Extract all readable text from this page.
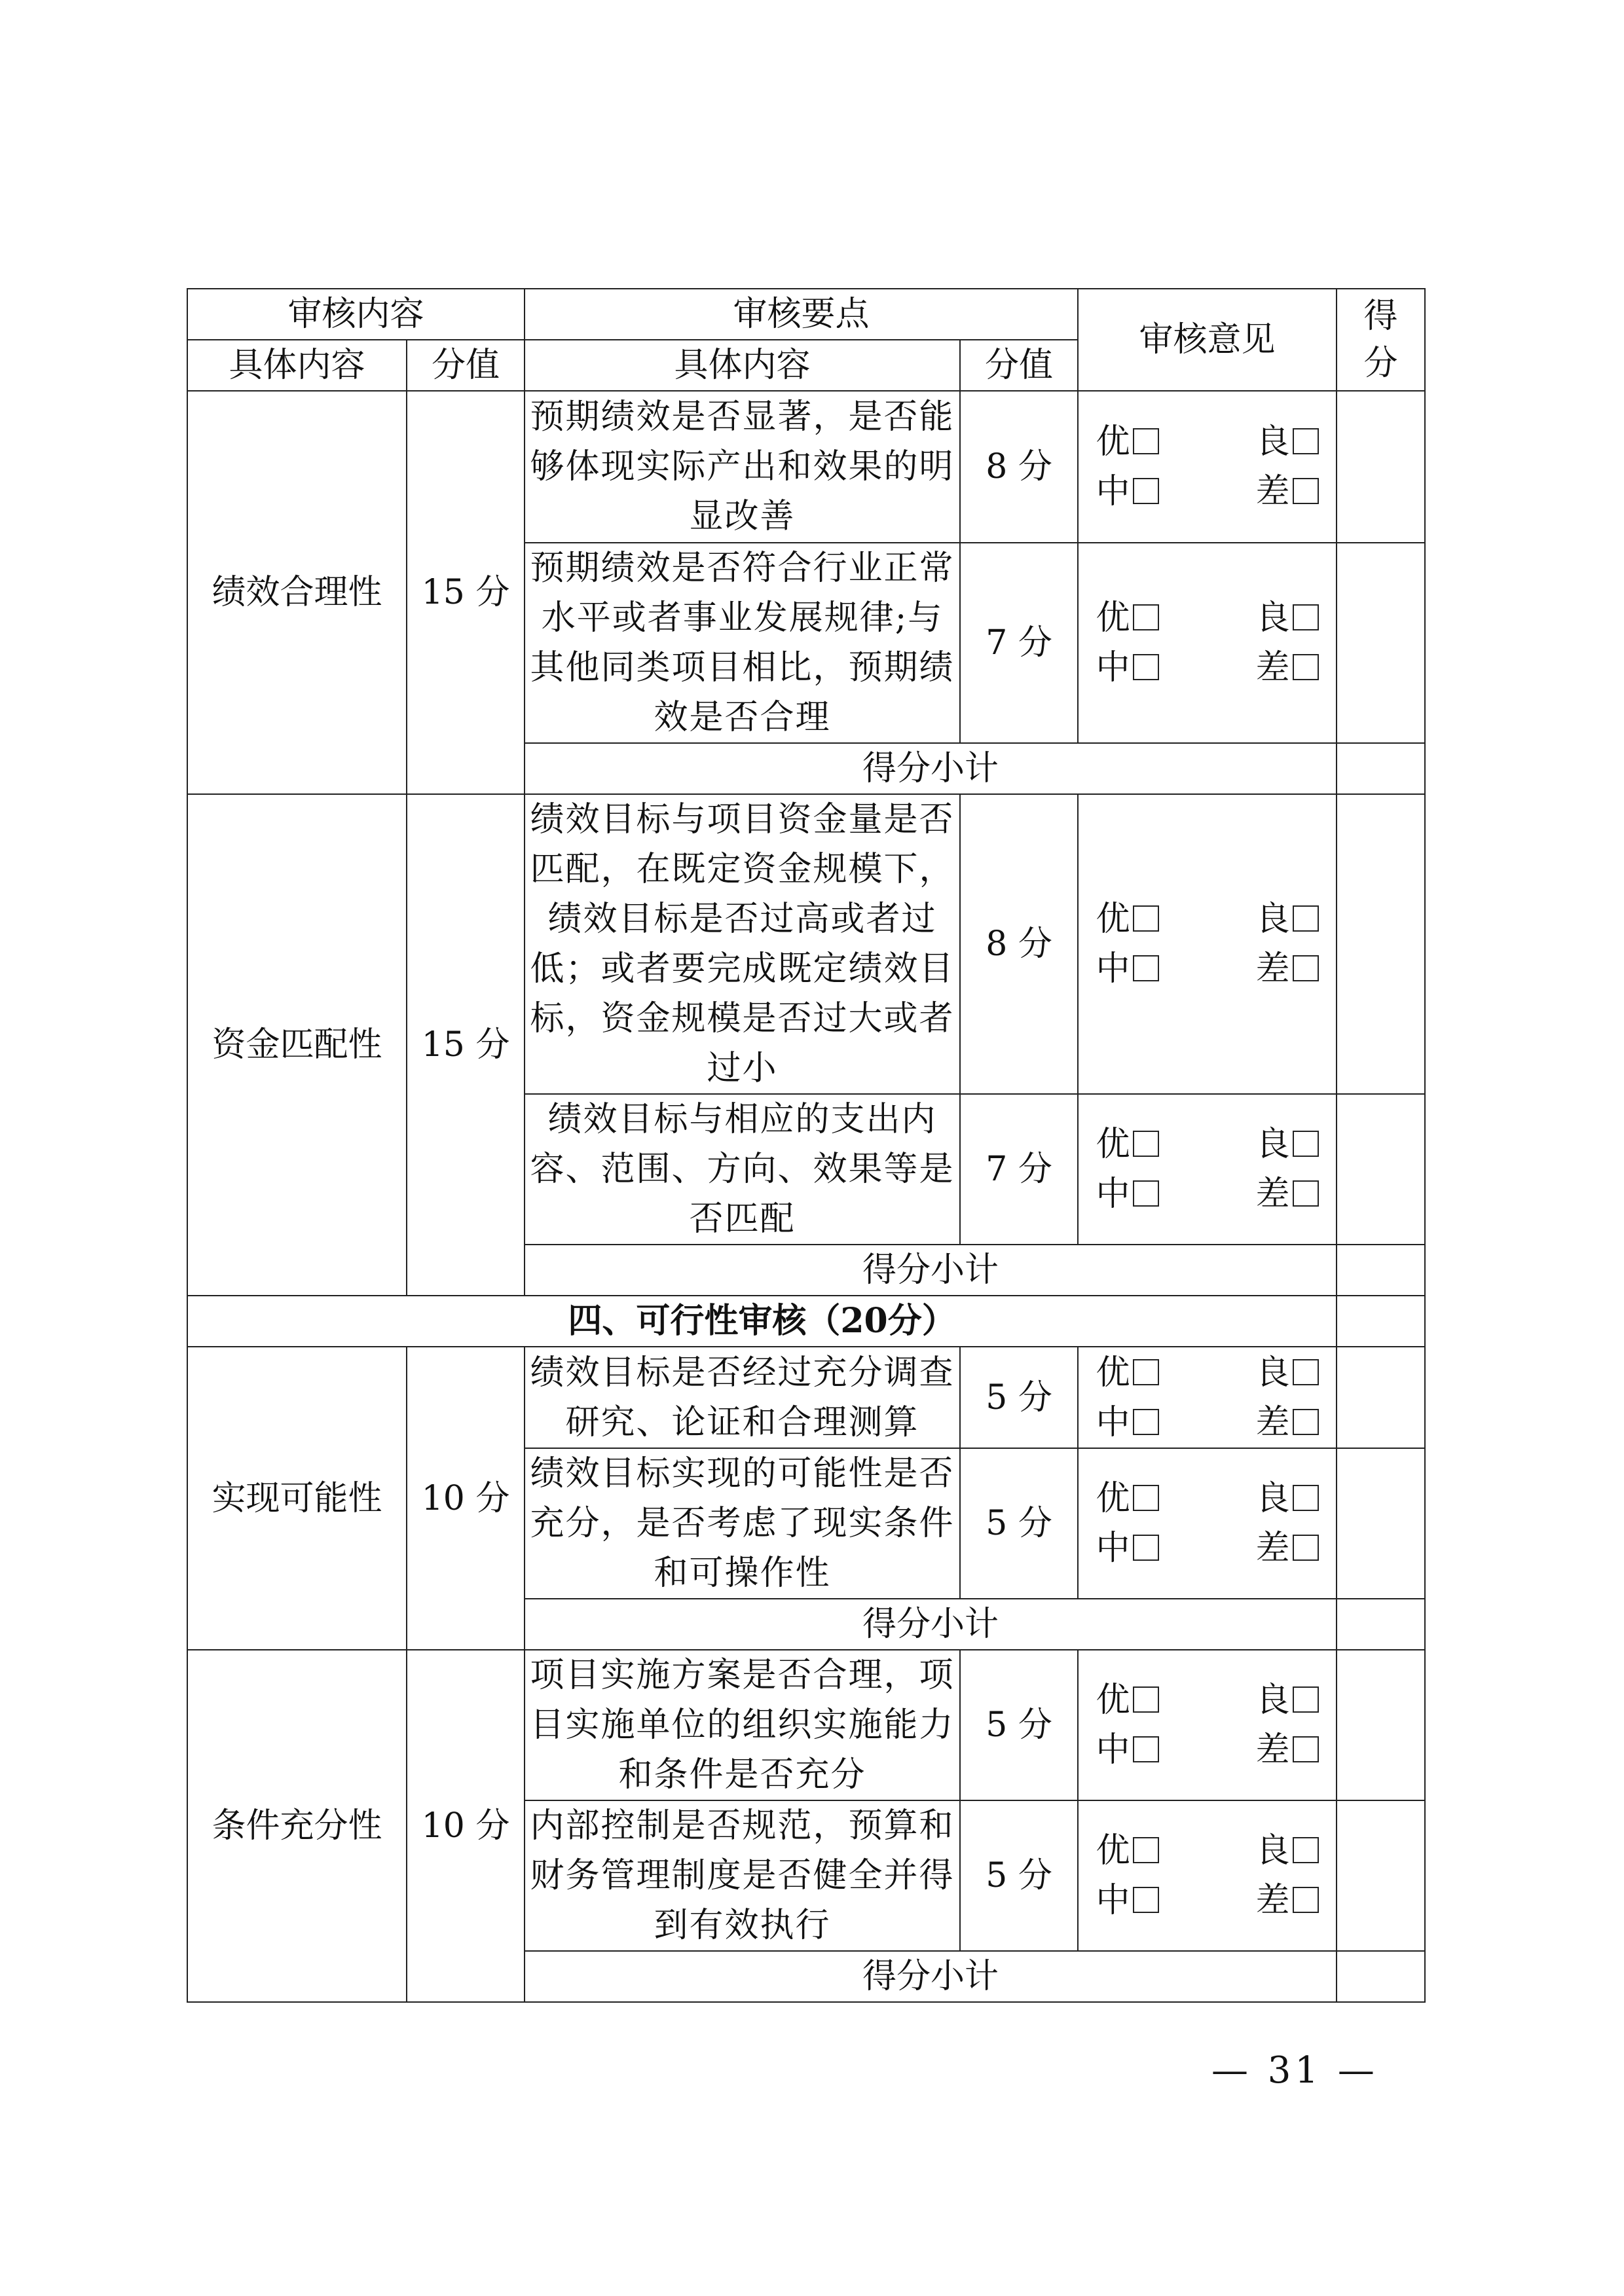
审核内容		审核要点		审核意见	得分
具体内容	分值	具体内容	分值		
绩效合理性	15 分	预期绩效是否显著，是否能够体现实际产出和效果的明显改善	8 分	优 良
中 差	

		预期绩效是否符合行业正常水平或者事业发展规律;与其他同类项目相比，预期绩效是否合理	7 分	优 良
中 差	

		得分小计			
资金匹配性	15 分	绩效目标与项目资金量是否匹配，在既定资金规模下，绩效目标是否过高或者过低；或者要完成既定绩效目标，资金规模是否过大或者过小	8 分	优 良
中 差	

		绩效目标与相应的支出内容、范围、方向、效果等是否匹配	7 分	优 良
中 差	

		得分小计			
四、可行性审核（20分）					
实现可能性	10 分	绩效目标是否经过充分调查研究、论证和合理测算	5 分	优 良
中 差	

		绩效目标实现的可能性是否充分，是否考虑了现实条件和可操作性	5 分	优 良
中 差	

		得分小计			
条件充分性	10 分	项目实施方案是否合理，项目实施单位的组织实施能力和条件是否充分	5 分	优 良
中 差	

		内部控制是否规范，预算和财务管理制度是否健全并得到有效执行	5 分	优 良
中 差	

		得分小计			
— 31 —
